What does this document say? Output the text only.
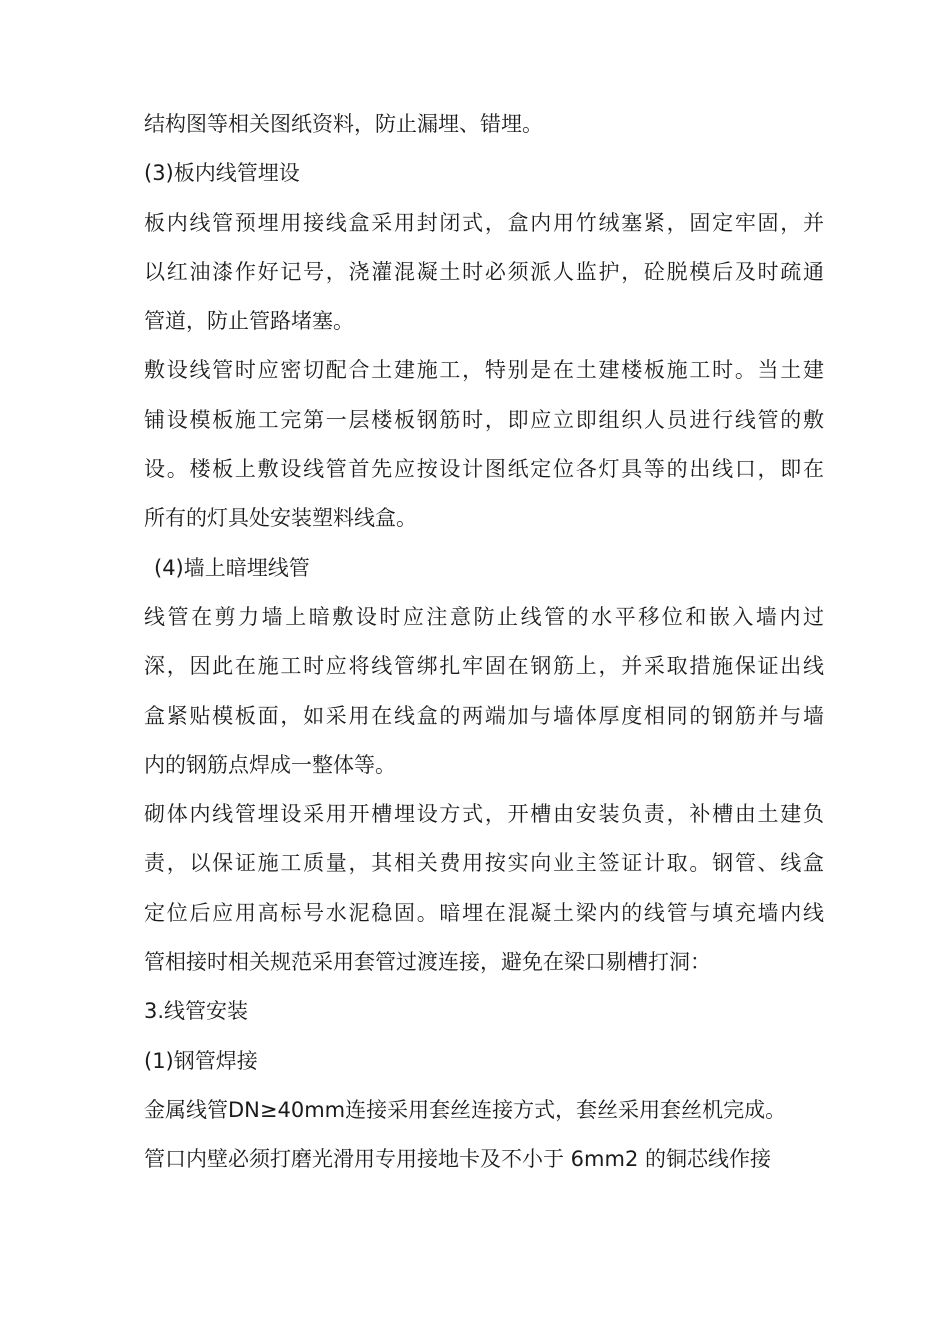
结构图等相关图纸资料，防止漏埋、错埋。
(3)板内线管埋设
板内线管预埋用接线盒采用封闭式，盒内用竹绒塞紧，固定牢固，并
以红油漆作好记号，浇灌混凝土时必须派人监护，砼脱模后及时疏通
管道，防止管路堵塞。
敷设线管时应密切配合土建施工，特别是在土建楼板施工时。当土建
铺设模板施工完第一层楼板钢筋时，即应立即组织人员进行线管的敷
设。楼板上敷设线管首先应按设计图纸定位各灯具等的出线口，即在
所有的灯具处安装塑料线盒。
(4)墙上暗埋线管
线管在剪力墙上暗敷设时应注意防止线管的水平移位和嵌入墙内过
深，因此在施工时应将线管绑扎牢固在钢筋上，并采取措施保证出线
盒紧贴模板面，如采用在线盒的两端加与墙体厚度相同的钢筋并与墙
内的钢筋点焊成一整体等。
砌体内线管埋设采用开槽埋设方式，开槽由安装负责，补槽由土建负
责，以保证施工质量，其相关费用按实向业主签证计取。钢管、线盒
定位后应用高标号水泥稳固。暗埋在混凝土梁内的线管与填充墙内线
管相接时相关规范采用套管过渡连接，避免在梁口剔槽打洞：
3.线管安装
(1)钢管焊接
金属线管DN≥40mm连接采用套丝连接方式，套丝采用套丝机完成。
管口内壁必须打磨光滑用专用接地卡及不小于 6mm2 的铜芯线作接
